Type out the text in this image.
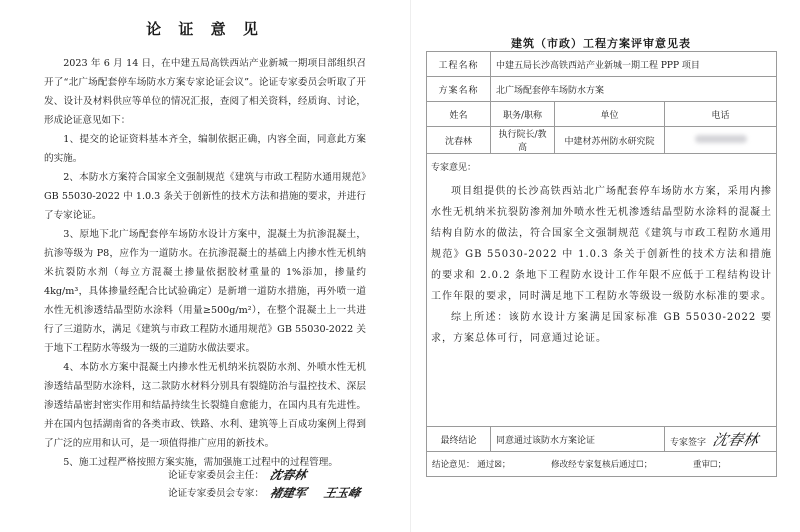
论 证 意 见

2023 年 6 月 14 日，在中建五局高铁西站产业新城一期项目部组织召开了“北广场配套停车场防水方案专家论证会议”。论证专家委员会听取了开发、设计及材料供应等单位的情况汇报，查阅了相关资料，经质询、讨论，形成论证意见如下：

1、提交的论证资料基本齐全，编制依据正确，内容全面，同意此方案的实施。

2、本防水方案符合国家全文强制规范《建筑与市政工程防水通用规范》GB 55030-2022 中 1.0.3 条关于创新性的技术方法和措施的要求，并进行了专家论证。

3、原地下北广场配套停车场防水设计方案中，混凝土为抗渗混凝土，抗渗等级为 P8，应作为一道防水。在抗渗混凝土的基础上内掺水性无机纳米抗裂防水剂（每立方混凝土掺量依据胶材重量的 1%添加，掺量约 4kg/m³，具体掺量经配合比试验确定）是新增一道防水措施，再外喷一道水性无机渗透结晶型防水涂料（用量≥500g/m²），在整个混凝土上一共进行了三道防水，满足《建筑与市政工程防水通用规范》GB 55030-2022 关于地下工程防水等级为一级的三道防水做法要求。

4、本防水方案中混凝土内掺水性无机纳米抗裂防水剂、外喷水性无机渗透结晶型防水涂料，这二款防水材料分别具有裂缝防治与温控技术、深层渗透结晶密封密实作用和结晶持续生长裂缝自愈能力，在国内具有先进性。并在国内包括湖南省的各类市政、铁路、水利、建筑等上百成功案例上得到了广泛的应用和认可，是一项值得推广应用的新技术。

5、施工过程严格按照方案实施，需加强施工过程中的过程管理。

论证专家委员会主任： 沈春林
论证专家委员会专家： 褚建军 王玉峰
建筑（市政）工程方案评审意见表
工程名称	中建五局长沙高铁西站产业新城一期工程 PPP 项目		
方案名称	北广场配套停车场防水方案		
姓名	职务/职称	单位	电话
沈春林	执行院长/教高	中建材苏州防水研究院	

专家意见：

项目组提供的长沙高铁西站北广场配套停车场防水方案，采用内掺水性无机纳米抗裂防渗剂加外喷水性无机渗透结晶型防水涂料的混凝土结构自防水的做法，符合国家全文强制规范《建筑与市政工程防水通用规范》GB 55030-2022 中 1.0.3 条关于创新性的技术方法和措施的要求和 2.0.2 条地下工程防水设计工作年限不应低于工程结构设计工作年限的要求，同时满足地下工程防水等级设一级防水标准的要求。

综上所述：该防水设计方案满足国家标准 GB 55030-2022 要求，方案总体可行，同意通过论证。			

最终结论	同意通过该防水方案论证		专家签字 沈春林
结论意见： 通过☒； 修改经专家复核后通过☐； 重审☐；			
